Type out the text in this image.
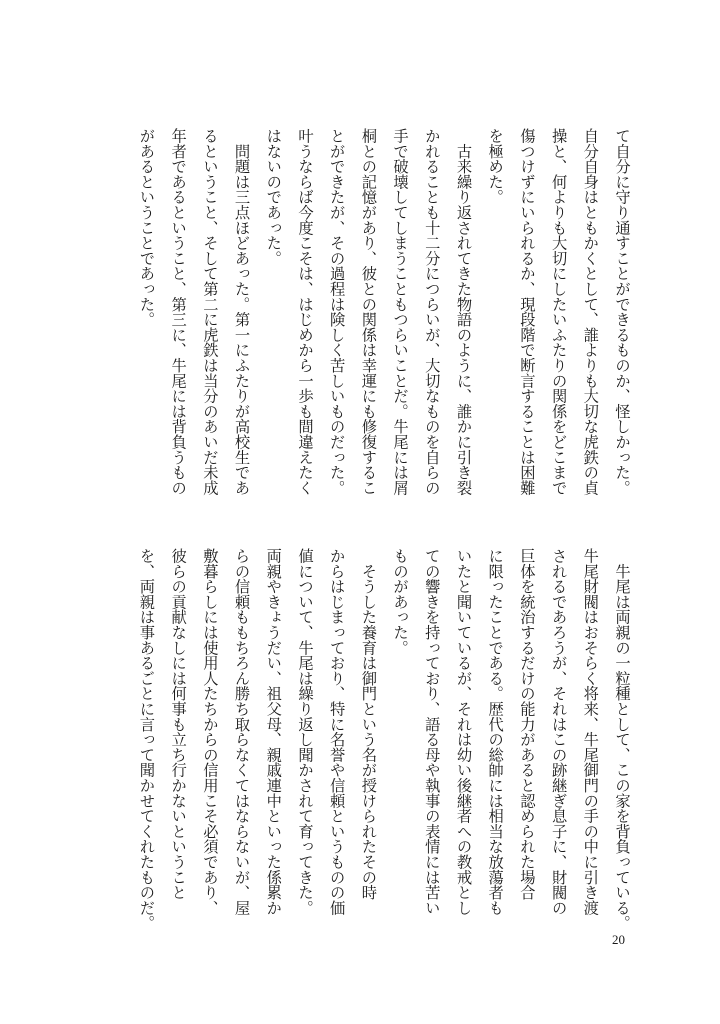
て自分に守り通すことができるものか、怪しかった。
自分自身はともかくとして、誰よりも大切な虎鉄の貞
操と、何よりも大切にしたいふたりの関係をどこまで
傷つけずにいられるか、現段階で断言することは困難
を極めた。
　古来繰り返されてきた物語のように、誰かに引き裂
かれることも十二分につらいが、大切なものを自らの
手で破壊してしまうこともつらいことだ。牛尾には屑
桐との記憶があり、彼との関係は幸運にも修復するこ
とができたが、その過程は険しく苦しいものだった。
叶うならば今度こそは、はじめから一歩も間違えたく
はないのであった。
　問題は三点ほどあった。第一にふたりが高校生であ
るということ、そして第二に虎鉄は当分のあいだ未成
年者であるということ、第三に、牛尾には背負うもの
があるということであった。
　牛尾は両親の一粒種として、この家を背負っている。
牛尾財閥はおそらく将来、牛尾御門の手の中に引き渡
されるであろうが、それはこの跡継ぎ息子に、財閥の
巨体を統治するだけの能力があると認められた場合
に限ったことである。歴代の総帥には相当な放蕩者も
いたと聞いているが、それは幼い後継者への教戒とし
ての響きを持っており、語る母や執事の表情には苦い
ものがあった。
　そうした養育は御門という名が授けられたその時
からはじまっており、特に名誉や信頼というものの価
値について、牛尾は繰り返し聞かされて育ってきた。
両親やきょうだい、祖父母、親戚連中といった係累か
らの信頼ももちろん勝ち取らなくてはならないが、屋
敷暮らしには使用人たちからの信用こそ必須であり、
彼らの貢献なしには何事も立ち行かないということ
を、両親は事あるごとに言って聞かせてくれたものだ。
20
